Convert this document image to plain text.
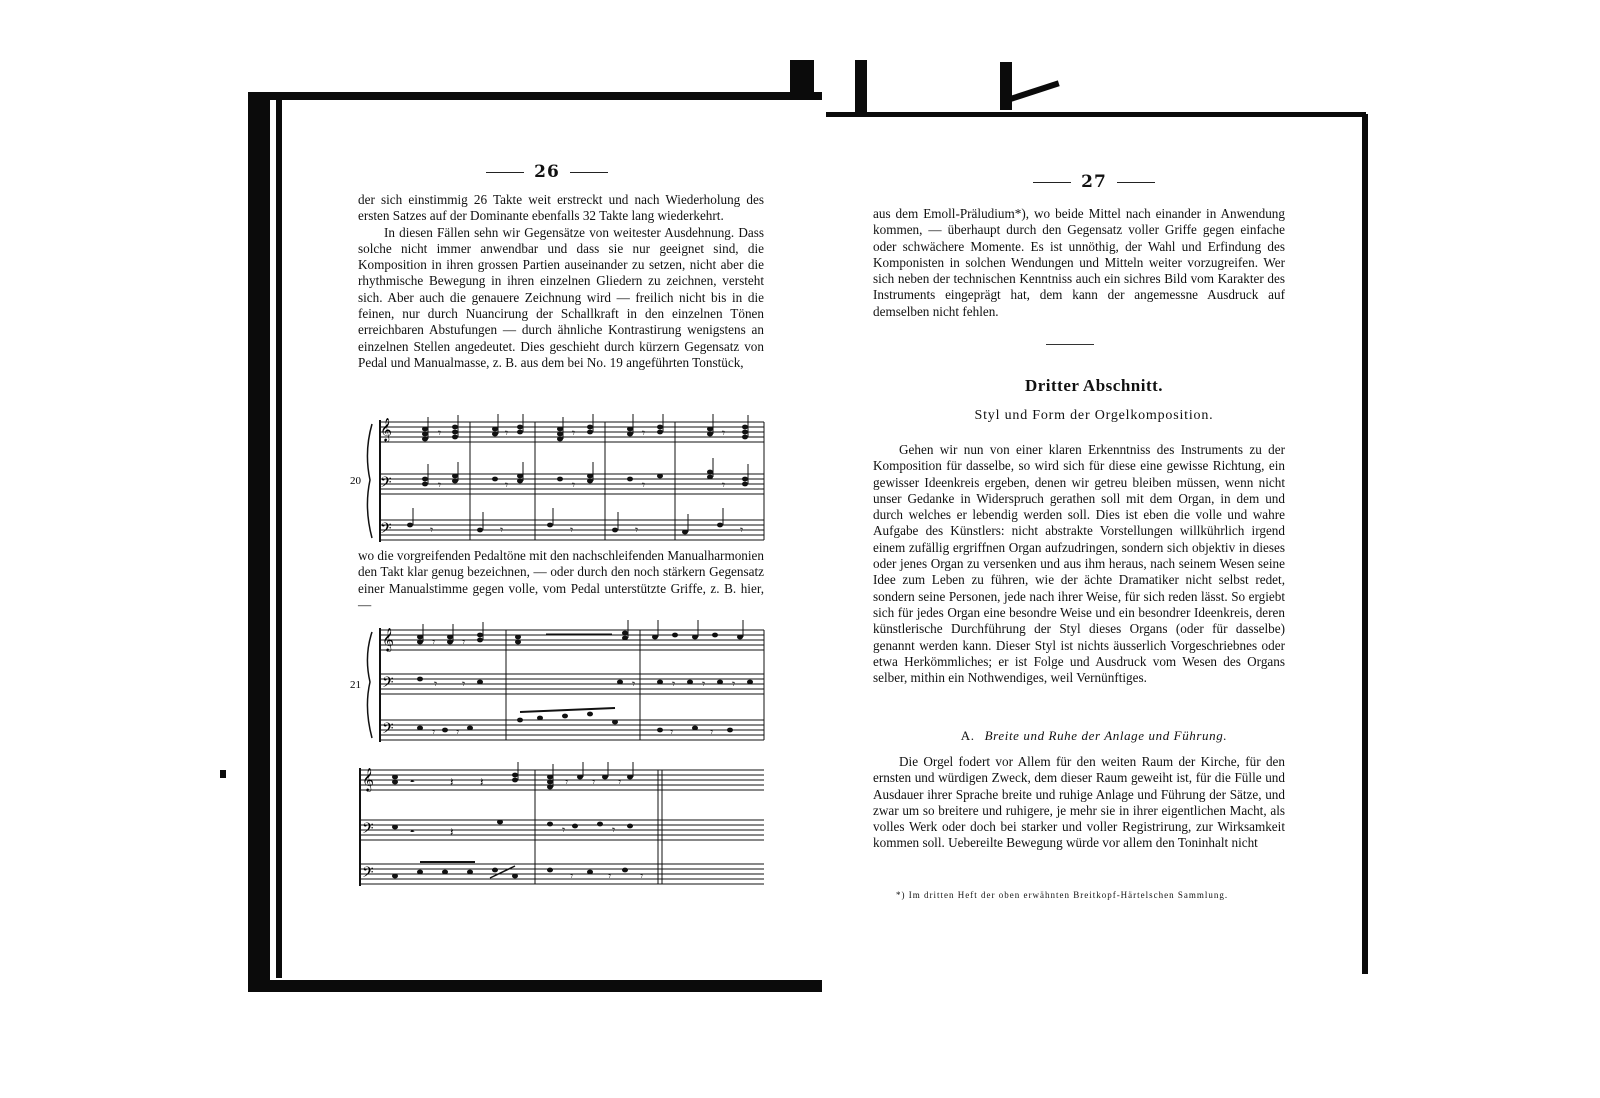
26

der sich einstimmig 26 Takte weit erstreckt und nach Wiederholung des ersten Satzes auf der Dominante ebenfalls 32 Takte lang wiederkehrt.

In diesen Fällen sehn wir Gegensätze von weitester Ausdehnung. Dass solche nicht immer anwendbar und dass sie nur geeignet sind, die Komposition in ihren grossen Partien auseinander zu setzen, nicht aber die rhythmische Bewegung in ihren einzelnen Gliedern zu zeichnen, versteht sich. Aber auch die genauere Zeichnung wird — freilich nicht bis in die feinen, nur durch Nuancirung der Schallkraft in den einzelnen Tönen erreichbaren Abstufungen — durch ähnliche Kontrastirung wenigstens an einzelnen Stellen angedeutet. Dies geschieht durch kürzern Gegensatz von Pedal und Manualmasse, z. B. aus dem bei No. 19 angeführten Tonstück,

𝄞
𝄢
𝄢
𝄾	𝄾	𝄾	𝄾	𝄾
𝄾	𝄾	𝄾	𝄾	𝄾
𝄾	𝄾	𝄾	𝄾	𝄾
20

wo die vorgreifenden Pedaltöne mit den nachschleifenden Manualharmonien den Takt klar genug bezeichnen, — oder durch den noch stärkern Gegensatz einer Manualstimme gegen volle, vom Pedal unterstützte Griffe, z. B. hier, —

𝄞
𝄢
𝄢
𝄾 𝄾
𝄾 𝄾	𝄾	𝄾 𝄾 𝄾
𝄾 𝄾	𝄾	𝄾
21
𝄞
𝄢
𝄢
𝄼	𝄽 𝄽
𝄼	𝄽
𝄾 𝄾 𝄾
𝄾	𝄾
𝄾	𝄾 𝄾
27

aus dem Emoll-Präludium*), wo beide Mittel nach einander in Anwendung kommen, — überhaupt durch den Gegensatz voller Griffe gegen einfache oder schwächere Momente. Es ist unnöthig, der Wahl und Erfindung des Komponisten in solchen Wendungen und Mitteln weiter vorzugreifen. Wer sich neben der technischen Kenntniss auch ein sichres Bild vom Karakter des Instruments eingeprägt hat, dem kann der angemessne Ausdruck auf demselben nicht fehlen.

Dritter Abschnitt.
Styl und Form der Orgelkomposition.

Gehen wir nun von einer klaren Erkenntniss des Instruments zu der Komposition für dasselbe, so wird sich für diese eine gewisse Richtung, ein gewisser Ideenkreis ergeben, denen wir getreu bleiben müssen, wenn nicht unser Gedanke in Widerspruch gerathen soll mit dem Organ, in dem und durch welches er lebendig werden soll. Dies ist eben die volle und wahre Aufgabe des Künstlers: nicht abstrakte Vorstellungen willkührlich irgend einem zufällig ergriffnen Organ aufzudringen, sondern sich objektiv in dieses oder jenes Organ zu versenken und aus ihm heraus, nach seinem Wesen seine Idee zum Leben zu führen, wie der ächte Dramatiker nicht selbst redet, sondern seine Personen, jede nach ihrer Weise, für sich reden lässt. So ergiebt sich für jedes Organ eine besondre Weise und ein besondrer Ideenkreis, deren künstlerische Durchführung der Styl dieses Organs (oder für dasselbe) genannt werden kann. Dieser Styl ist nichts äusserlich Vorgeschriebnes oder etwa Herkömmliches; er ist Folge und Ausdruck vom Wesen des Organs selber, mithin ein Nothwendiges, weil Vernünftiges.

A. Breite und Ruhe der Anlage und Führung.

Die Orgel fodert vor Allem für den weiten Raum der Kirche, für den ernsten und würdigen Zweck, dem dieser Raum geweiht ist, für die Fülle und Ausdauer ihrer Sprache breite und ruhige Anlage und Führung der Sätze, und zwar um so breitere und ruhigere, je mehr sie in ihrer eigentlichen Macht, als volles Werk oder doch bei starker und voller Registrirung, zur Wirksamkeit kommen soll. Uebereilte Bewegung würde vor allem den Toninhalt nicht

*) Im dritten Heft der oben erwähnten Breitkopf-Härtelschen Sammlung.
